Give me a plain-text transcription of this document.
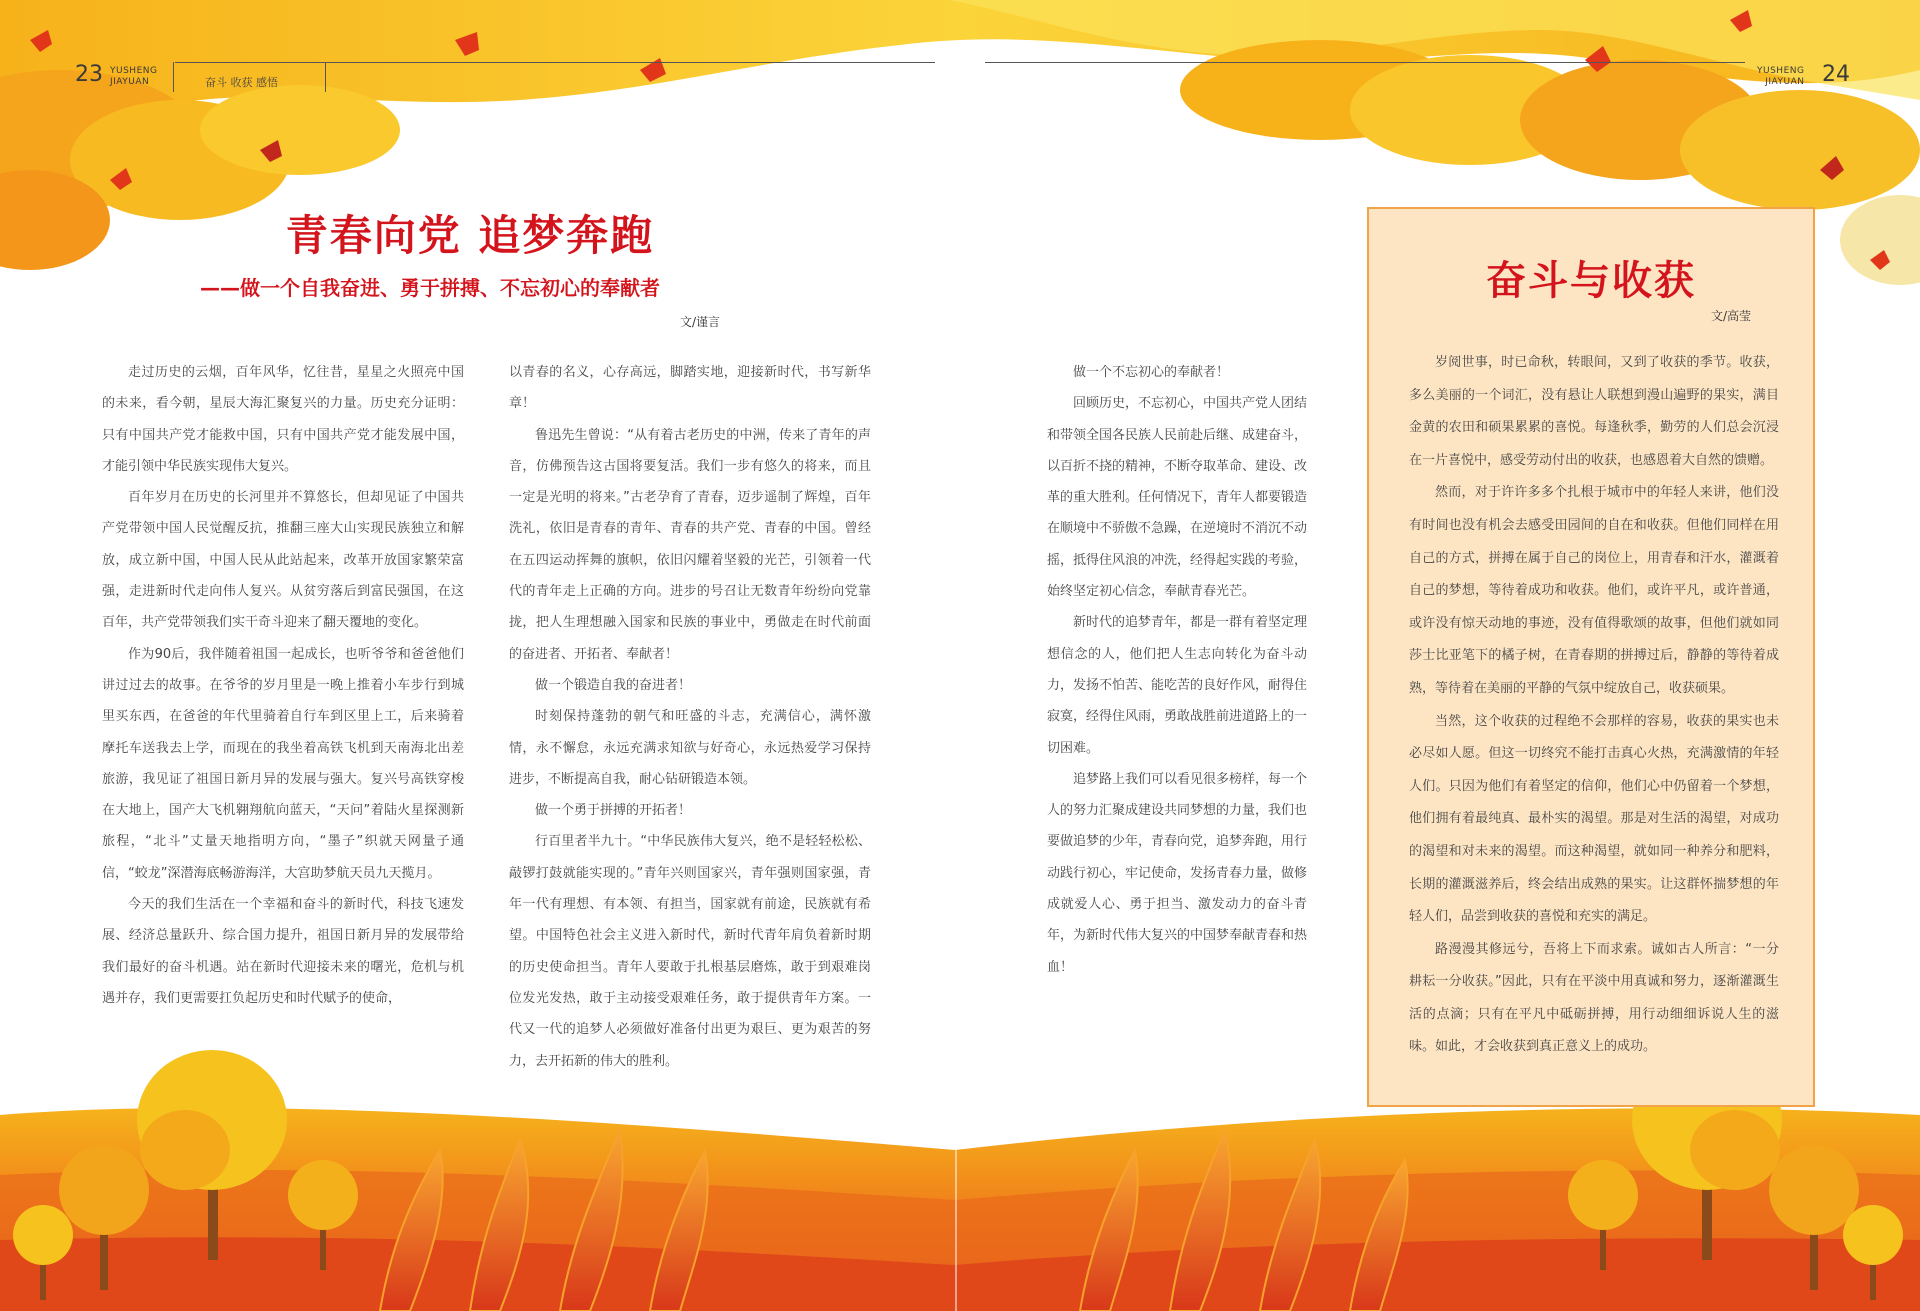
23 YUSHENG
JIAYUAN	奋斗 收获 感悟
YUSHENG
JIAYUAN 24
青春向党 追梦奔跑
——做一个自我奋进、勇于拼搏、不忘初心的奉献者
文/谨言

走过历史的云烟，百年风华，忆往昔，星星之火照亮中国的未来，看今朝，星辰大海汇聚复兴的力量。历史充分证明：只有中国共产党才能救中国，只有中国共产党才能发展中国，才能引领中华民族实现伟大复兴。

百年岁月在历史的长河里并不算悠长，但却见证了中国共产党带领中国人民觉醒反抗，推翻三座大山实现民族独立和解放，成立新中国，中国人民从此站起来，改革开放国家繁荣富强，走进新时代走向伟人复兴。从贫穷落后到富民强国，在这百年，共产党带领我们实干奇斗迎来了翻天覆地的变化。

作为90后，我伴随着祖国一起成长，也听爷爷和爸爸他们讲过过去的故事。在爷爷的岁月里是一晚上推着小车步行到城里买东西，在爸爸的年代里骑着自行车到区里上工，后来骑着摩托车送我去上学，而现在的我坐着高铁飞机到天南海北出差旅游，我见证了祖国日新月异的发展与强大。复兴号高铁穿梭在大地上，国产大飞机翱翔航向蓝天，“天问”着陆火星探测新旅程，“北斗”丈量天地指明方向，“墨子”织就天网量子通信，“蛟龙”深潜海底畅游海洋，大宫助梦航天员九天揽月。

今天的我们生活在一个幸福和奋斗的新时代，科技飞速发展、经济总量跃升、综合国力提升，祖国日新月异的发展带给我们最好的奋斗机遇。站在新时代迎接未来的曙光，危机与机遇并存，我们更需要扛负起历史和时代赋予的使命，

以青春的名义，心存高远，脚踏实地，迎接新时代，书写新华章！

鲁迅先生曾说：“从有着古老历史的中洲，传来了青年的声音，仿佛预告这古国将要复活。我们一步有悠久的将来，而且一定是光明的将来。”古老孕育了青春，迈步遥制了辉煌，百年洗礼，依旧是青春的青年、青春的共产党、青春的中国。曾经在五四运动挥舞的旗帜，依旧闪耀着坚毅的光芒，引领着一代代的青年走上正确的方向。进步的号召让无数青年纷纷向党靠拢，把人生理想融入国家和民族的事业中，勇做走在时代前面的奋进者、开拓者、奉献者！

做一个锻造自我的奋进者！

时刻保持蓬勃的朝气和旺盛的斗志，充满信心，满怀激情，永不懈怠，永远充满求知欲与好奇心，永远热爱学习保持进步，不断提高自我，耐心钻研锻造本领。

做一个勇于拼搏的开拓者！

行百里者半九十。“中华民族伟大复兴，绝不是轻轻松松、敲锣打鼓就能实现的。”青年兴则国家兴，青年强则国家强，青年一代有理想、有本领、有担当，国家就有前途，民族就有希望。中国特色社会主义进入新时代，新时代青年肩负着新时期的历史使命担当。青年人要敢于扎根基层磨炼，敢于到艰难岗位发光发热，敢于主动接受艰难任务，敢于提供青年方案。一代又一代的追梦人必须做好准备付出更为艰巨、更为艰苦的努力，去开拓新的伟大的胜利。

做一个不忘初心的奉献者！

回顾历史，不忘初心，中国共产党人团结和带领全国各民族人民前赴后继、成建奋斗，以百折不挠的精神，不断夺取革命、建设、改革的重大胜利。任何情况下，青年人都要锻造在顺境中不骄傲不急躁，在逆境时不消沉不动摇，抵得住风浪的冲洗，经得起实践的考验，始终坚定初心信念，奉献青春光芒。

新时代的追梦青年，都是一群有着坚定理想信念的人，他们把人生志向转化为奋斗动力，发扬不怕苦、能吃苦的良好作风，耐得住寂寞，经得住风雨，勇敢战胜前进道路上的一切困难。

追梦路上我们可以看见很多榜样，每一个人的努力汇聚成建设共同梦想的力量，我们也要做追梦的少年，青春向党，追梦奔跑，用行动践行初心，牢记使命，发扬青春力量，做修成就爱人心、勇于担当、激发动力的奋斗青年，为新时代伟大复兴的中国梦奉献青春和热血！

奋斗与收获
文/高莹

岁阅世事，时已命秋，转眼间，又到了收获的季节。收获，多么美丽的一个词汇，没有悬让人联想到漫山遍野的果实，满目金黄的农田和硕果累累的喜悦。每逢秋季，勤劳的人们总会沉浸在一片喜悦中，感受劳动付出的收获，也感恩着大自然的馈赠。

然而，对于许许多多个扎根于城市中的年轻人来讲，他们没有时间也没有机会去感受田园间的自在和收获。但他们同样在用自己的方式，拼搏在属于自己的岗位上，用青春和汗水，灌溉着自己的梦想，等待着成功和收获。他们，或许平凡，或许普通，或许没有惊天动地的事迹，没有值得歌颂的故事，但他们就如同莎士比亚笔下的橘子树，在青春期的拼搏过后，静静的等待着成熟，等待着在美丽的平静的气氛中绽放自己，收获硕果。

当然，这个收获的过程绝不会那样的容易，收获的果实也未必尽如人愿。但这一切终究不能打击真心火热，充满激情的年轻人们。只因为他们有着坚定的信仰，他们心中仍留着一个梦想，他们拥有着最纯真、最朴实的渴望。那是对生活的渴望，对成功的渴望和对未来的渴望。而这种渴望，就如同一种养分和肥料，长期的灌溉滋养后，终会结出成熟的果实。让这群怀揣梦想的年轻人们，品尝到收获的喜悦和充实的满足。

路漫漫其修远兮，吾将上下而求索。诚如古人所言：“一分耕耘一分收获。”因此，只有在平淡中用真诚和努力，逐渐灌溉生活的点滴；只有在平凡中砥砺拼搏，用行动细细诉说人生的滋味。如此，才会收获到真正意义上的成功。
